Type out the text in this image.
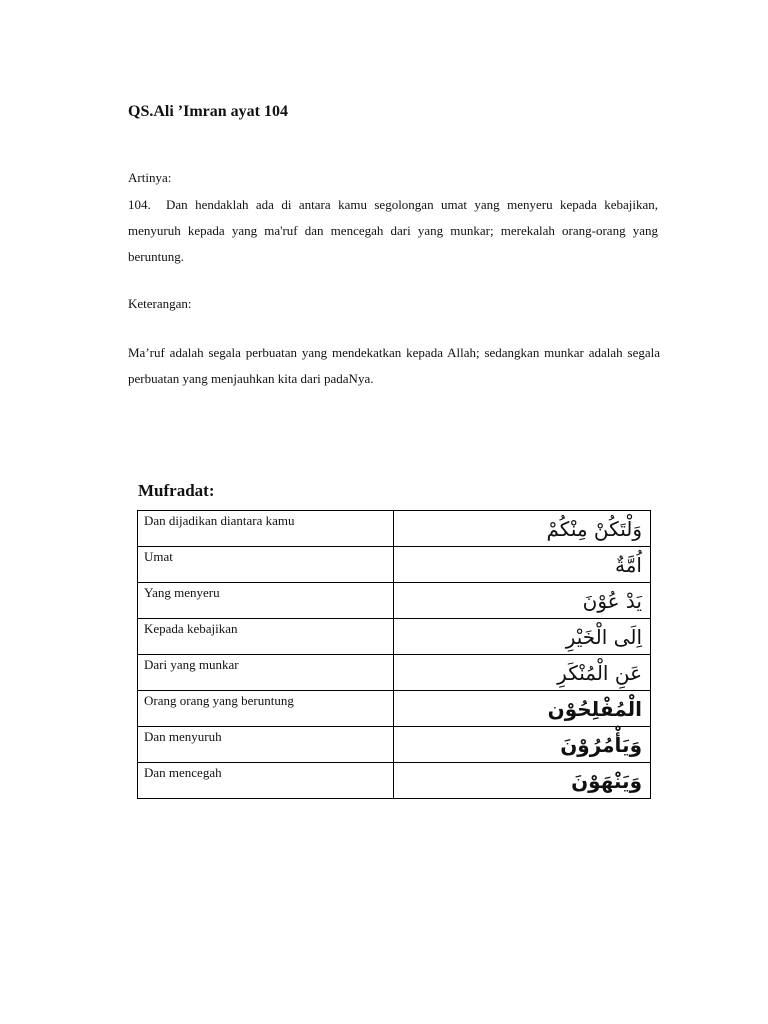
QS.Ali ’Imran ayat 104

Artinya:

104. Dan hendaklah ada di antara kamu segolongan umat yang menyeru kepada kebajikan, menyuruh kepada yang ma'ruf dan mencegah dari yang munkar; merekalah orang-orang yang beruntung.

Keterangan:

Ma’ruf adalah segala perbuatan yang mendekatkan kepada Allah; sedangkan munkar adalah segala perbuatan yang menjauhkan kita dari padaNya.

Mufradat:
Dan dijadikan diantara kamu	وَلْتَكُنْ مِنْكُمْ
Umat	اُمَّةٌ
Yang menyeru	يَدْ عُوْنَ
Kepada kebajikan	اِلَى الْخَيْرِ
Dari yang munkar	عَنِ الْمُنْكَرِ
Orang orang yang beruntung	الْمُفْلِحُوْن
Dan menyuruh	وَيَأْمُرُوْنَ
Dan mencegah	وَيَنْهَوْنَ
